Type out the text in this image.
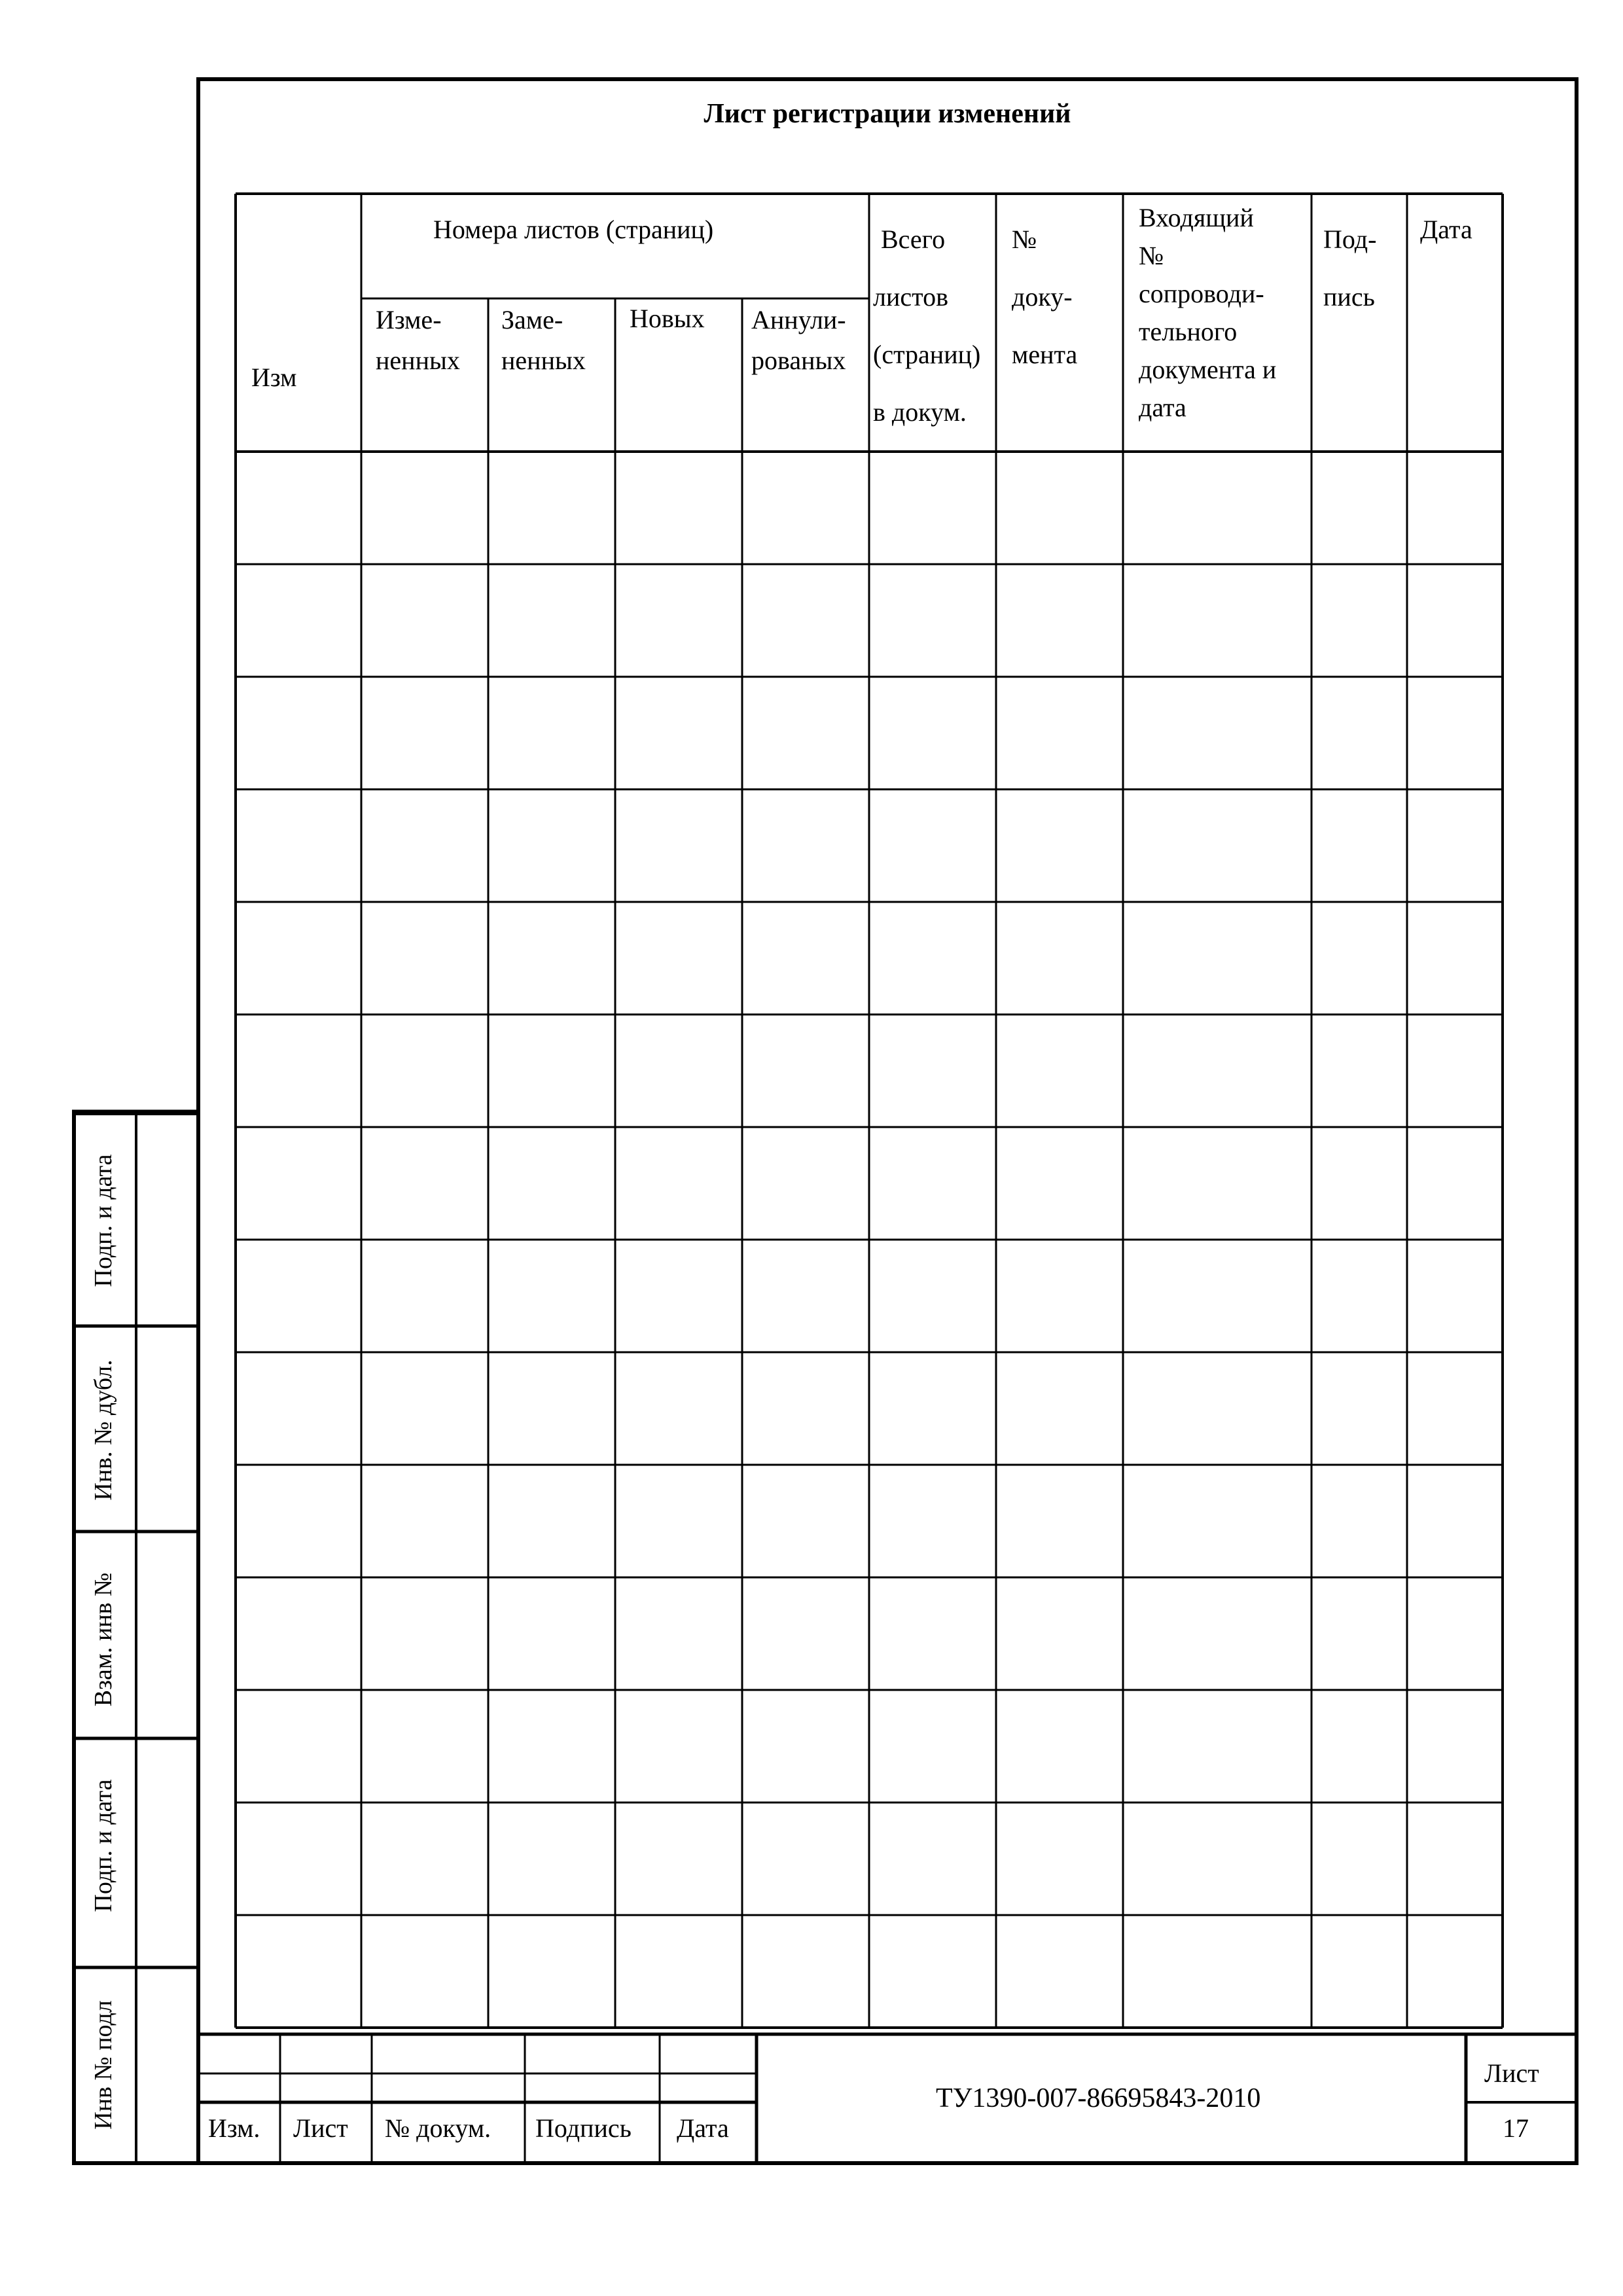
Лист регистрации изменений
Изм
Номера листов (страниц)
Изме-
ненных
Заме-
ненных
Новых Аннули-
рованых
Всего
листов
(страниц)
в докум.
№
доку-
мента
Входящий
№
сопроводи-
тельного
документа и
дата
Под-
пись
Дата
Подп. и дата
Инв. № дубл.
Взам. инв №
Подп. и дата
Инв № подл	Изм. Лист № докум. Подпись Дата
ТУ1390-007-86695843-2010
Лист
17
